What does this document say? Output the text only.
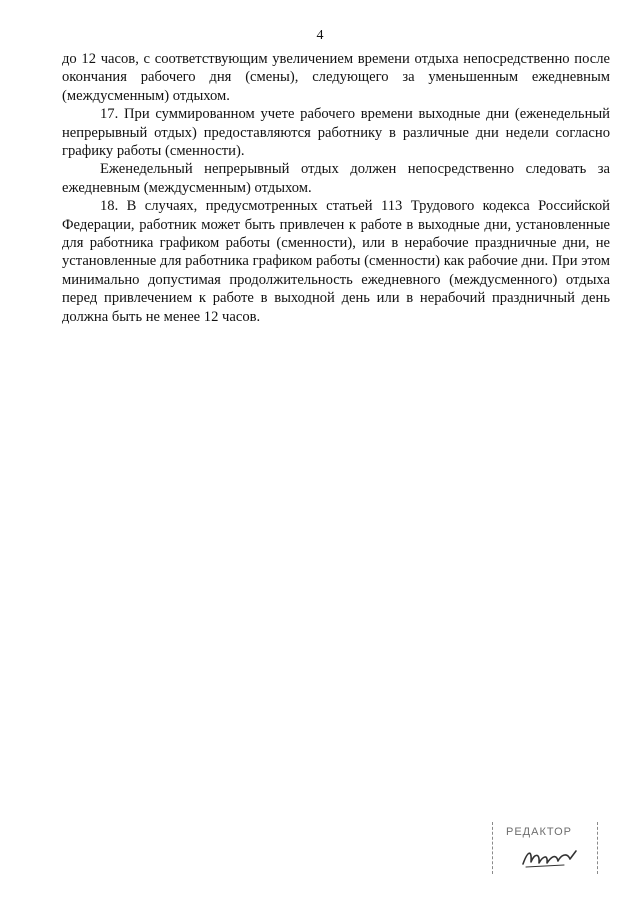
4

до 12 часов, с соответствующим увеличением времени отдыха непосредственно после окончания рабочего дня (смены), следующего за уменьшенным ежедневным (междусменным) отдыхом.

17. При суммированном учете рабочего времени выходные дни (еженедельный непрерывный отдых) предоставляются работнику в различные дни недели согласно графику работы (сменности).

Еженедельный непрерывный отдых должен непосредственно следовать за ежедневным (междусменным) отдыхом.

18. В случаях, предусмотренных статьей 113 Трудового кодекса Российской Федерации, работник может быть привлечен к работе в выходные дни, установленные для работника графиком работы (сменности), или в нерабочие праздничные дни, не установленные для работника графиком работы (сменности) как рабочие дни. При этом минимально допустимая продолжительность ежедневного (междусменного) отдыха перед привлечением к работе в выходной день или в нерабочий праздничный день должна быть не менее 12 часов.

РЕДАКТОР
